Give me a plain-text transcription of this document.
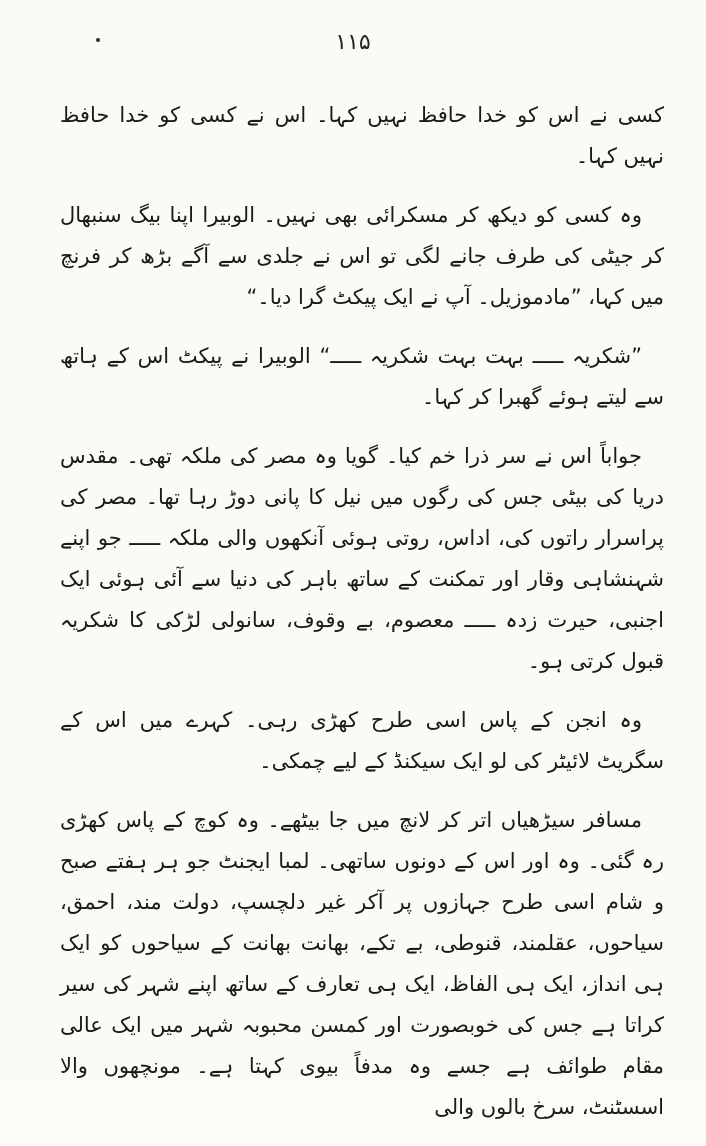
۱۱۵

کسی نے اس کو خدا حافظ نہیں کہا۔ اس نے کسی کو خدا حافظ نہیں کہا۔

وہ کسی کو دیکھ کر مسکرائی بھی نہیں۔ الوبیرا اپنا بیگ سنبھال کر جیٹی کی طرف جانے لگی تو اس نے جلدی سے آگے بڑھ کر فرنچ میں کہا، ”مادموزیل۔ آپ نے ایک پیکٹ گرا دیا۔“

”شکریہ ـــــ بہت بہت شکریہ ـــــ“ الوبیرا نے پیکٹ اس کے ہاتھ سے لیتے ہوئے گھبرا کر کہا۔

جواباً اس نے سر ذرا خم کیا۔ گویا وہ مصر کی ملکہ تھی۔ مقدس دریا کی بیٹی جس کی رگوں میں نیل کا پانی دوڑ رہا تھا۔ مصر کی پراسرار راتوں کی، اداس، روتی ہوئی آنکھوں والی ملکہ ـــــ جو اپنے شہنشاہی وقار اور تمکنت کے ساتھ باہر کی دنیا سے آئی ہوئی ایک اجنبی، حیرت زدہ ـــــ معصوم، بے وقوف، سانولی لڑکی کا شکریہ قبول کرتی ہو۔

وہ انجن کے پاس اسی طرح کھڑی رہی۔ کہرے میں اس کے سگریٹ لائیٹر کی لو ایک سیکنڈ کے لیے چمکی۔

مسافر سیڑھیاں اتر کر لانچ میں جا بیٹھے۔ وہ کوچ کے پاس کھڑی رہ گئی۔ وہ اور اس کے دونوں ساتھی۔ لمبا ایجنٹ جو ہر ہفتے صبح و شام اسی طرح جہازوں پر آکر غیر دلچسپ، دولت مند، احمق، سیاحوں، عقلمند، قنوطی، بے تکے، بھانت بھانت کے سیاحوں کو ایک ہی انداز، ایک ہی الفاظ، ایک ہی تعارف کے ساتھ اپنے شہر کی سیر کراتا ہے جس کی خوبصورت اور کمسن محبوبہ شہر میں ایک عالی مقام طوائف ہے جسے وہ مدفاً بیوی کہتا ہے۔ مونچھوں والا اسسٹنٹ، سرخ بالوں والی
